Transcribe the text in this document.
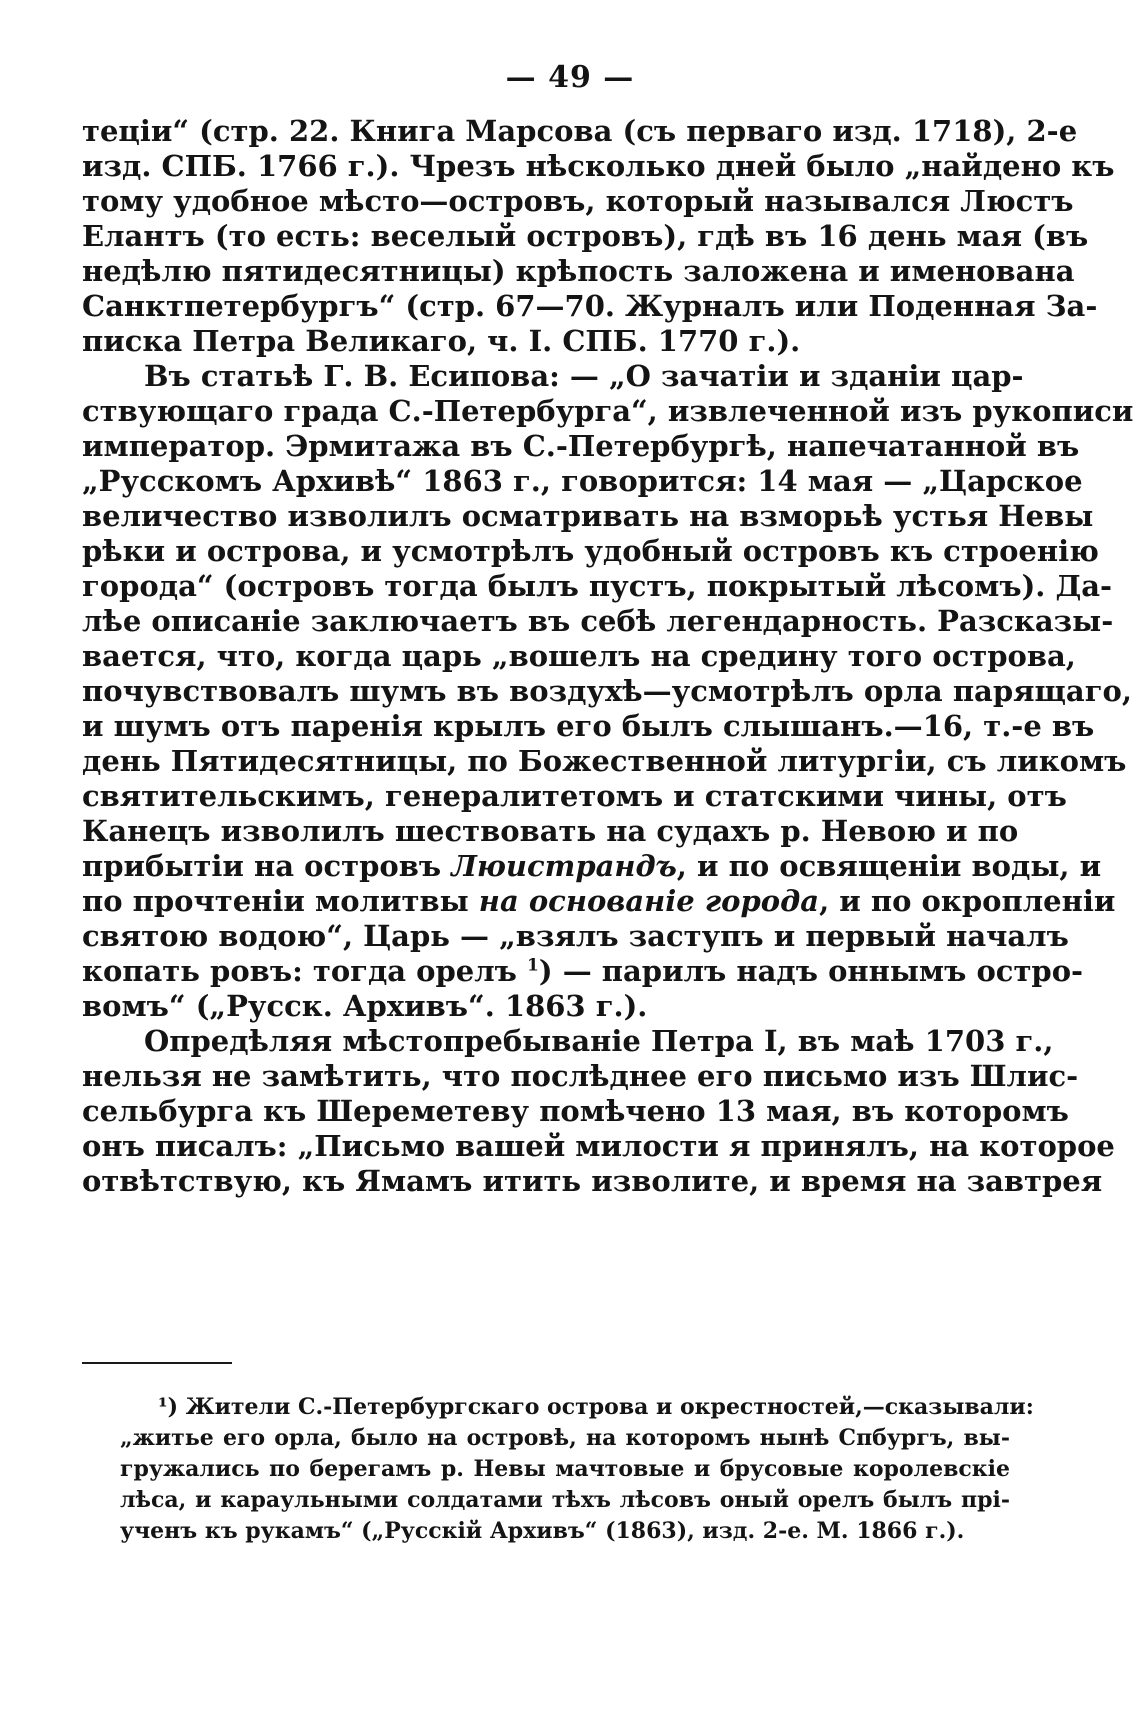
— 49 —
теціи“ (стр. 22. Книга Марсова (съ перваго изд. 1718), 2-е
изд. СПБ. 1766 г.). Чрезъ нѣсколько дней было „найдено къ
тому удобное мѣсто—островъ, который назывался Люстъ
Елантъ (то есть: веселый островъ), гдѣ въ 16 день мая (въ
недѣлю пятидесятницы) крѣпость заложена и именована
Санктпетербургъ“ (стр. 67—70. Журналъ или Поденная За-
писка Петра Великаго, ч. I. СПБ. 1770 г.).
Въ статьѣ Г. В. Есипова: — „О зачатіи и зданіи цар-
ствующаго града С.-Петербурга“, извлеченной изъ рукописи
император. Эрмитажа въ С.-Петербургѣ, напечатанной въ
„Русскомъ Архивѣ“ 1863 г., говорится: 14 мая — „Царское
величество изволилъ осматривать на взморьѣ устья Невы
рѣки и острова, и усмотрѣлъ удобный островъ къ строенію
города“ (островъ тогда былъ пустъ, покрытый лѣсомъ). Да-
лѣе описаніе заключаетъ въ себѣ легендарность. Разсказы-
вается, что, когда царь „вошелъ на средину того острова,
почувствовалъ шумъ въ воздухѣ—усмотрѣлъ орла парящаго,
и шумъ отъ паренія крылъ его былъ слышанъ.—16, т.-е въ
день Пятидесятницы, по Божественной литургіи, съ ликомъ
святительскимъ, генералитетомъ и статскими чины, отъ
Канецъ изволилъ шествовать на судахъ р. Невою и по
прибытіи на островъ Люистрандъ, и по освященіи воды, и
по прочтеніи молитвы на основаніе города, и по окропленіи
святою водою“, Царь — „взялъ заступъ и первый началъ
копать ровъ: тогда орелъ $^1$) — парилъ надъ оннымъ остро-
вомъ“ („Русск. Архивъ“. 1863 г.).
Опредѣляя мѣстопребываніе Петра I, въ маѣ 1703 г.,
нельзя не замѣтить, что послѣднее его письмо изъ Шлис-
сельбурга къ Шереметеву помѣчено 13 мая, въ которомъ
онъ писалъ: „Письмо вашей милости я принялъ, на которое
отвѣтствую, къ Ямамъ итить изволите, и время на завтрея
¹) Жители С.-Петербургскаго острова и окрестностей,—сказывали:
„житье его орла, было на островѣ, на которомъ нынѣ Спбургъ, вы-
гружались по берегамъ р. Невы мачтовые и брусовые королевскіе
лѣса, и караульными солдатами тѣхъ лѣсовъ оный орелъ былъ прі-
ученъ къ рукамъ“ („Русскій Архивъ“ (1863), изд. 2-е. М. 1866 г.).
